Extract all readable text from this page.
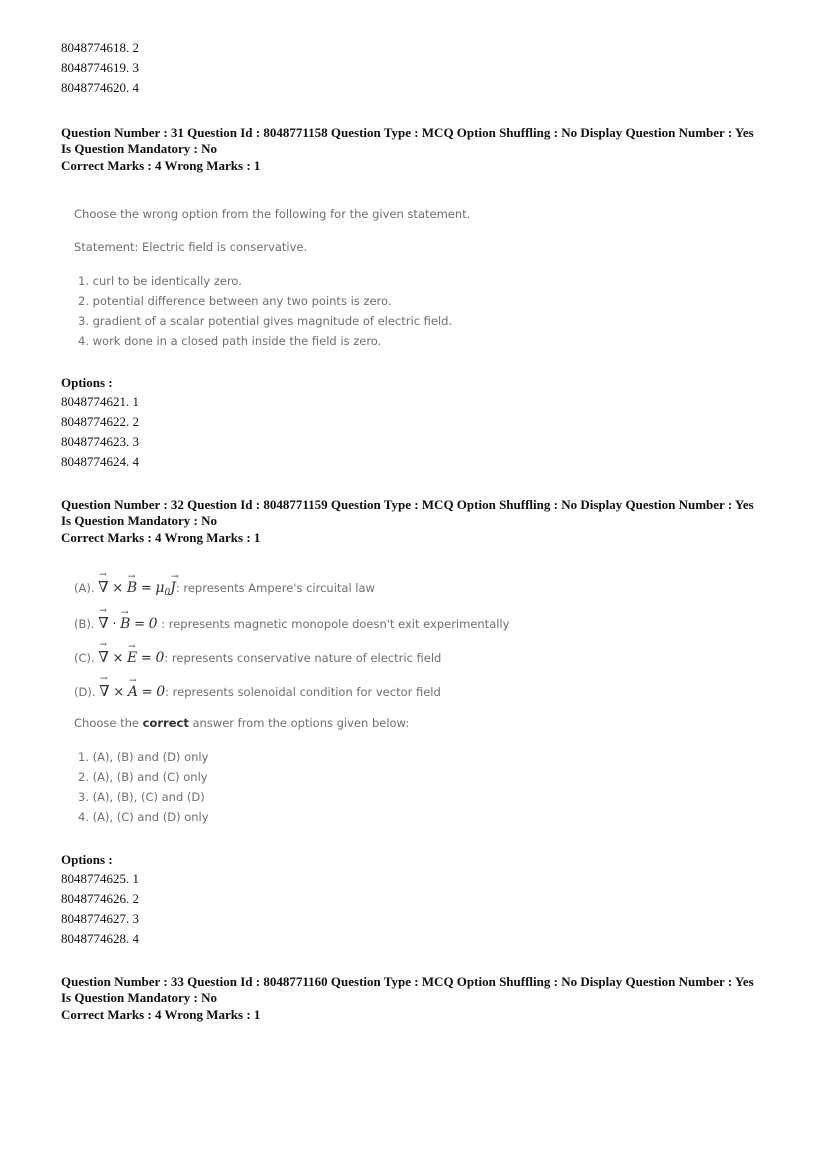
8048774618. 2
8048774619. 3
8048774620. 4
Question Number : 31 Question Id : 8048771158 Question Type : MCQ Option Shuffling : No Display Question Number : Yes
Is Question Mandatory : No
Correct Marks : 4 Wrong Marks : 1
Choose the wrong option from the following for the given statement.
Statement: Electric field is conservative.
1. curl to be identically zero.
2. potential difference between any two points is zero.
3. gradient of a scalar potential gives magnitude of electric field.
4. work done in a closed path inside the field is zero.
Options :
8048774621. 1
8048774622. 2
8048774623. 3
8048774624. 4
Question Number : 32 Question Id : 8048771159 Question Type : MCQ Option Shuffling : No Display Question Number : Yes
Is Question Mandatory : No
Correct Marks : 4 Wrong Marks : 1
(A).
→
∇ ×
→
$B = \mu_0$
→
J: represents Ampere's circuital law
(B).
→
∇ ·
→
B = 0 : represents magnetic monopole doesn't exit experimentally
(C).
→
∇ ×
→
E = 0: represents conservative nature of electric field
(D).
→
∇ ×
→
A = 0: represents solenoidal condition for vector field
Choose the correct answer from the options given below:
1. (A), (B) and (D) only
2. (A), (B) and (C) only
3. (A), (B), (C) and (D)
4. (A), (C) and (D) only
Options :
8048774625. 1
8048774626. 2
8048774627. 3
8048774628. 4
Question Number : 33 Question Id : 8048771160 Question Type : MCQ Option Shuffling : No Display Question Number : Yes
Is Question Mandatory : No
Correct Marks : 4 Wrong Marks : 1
